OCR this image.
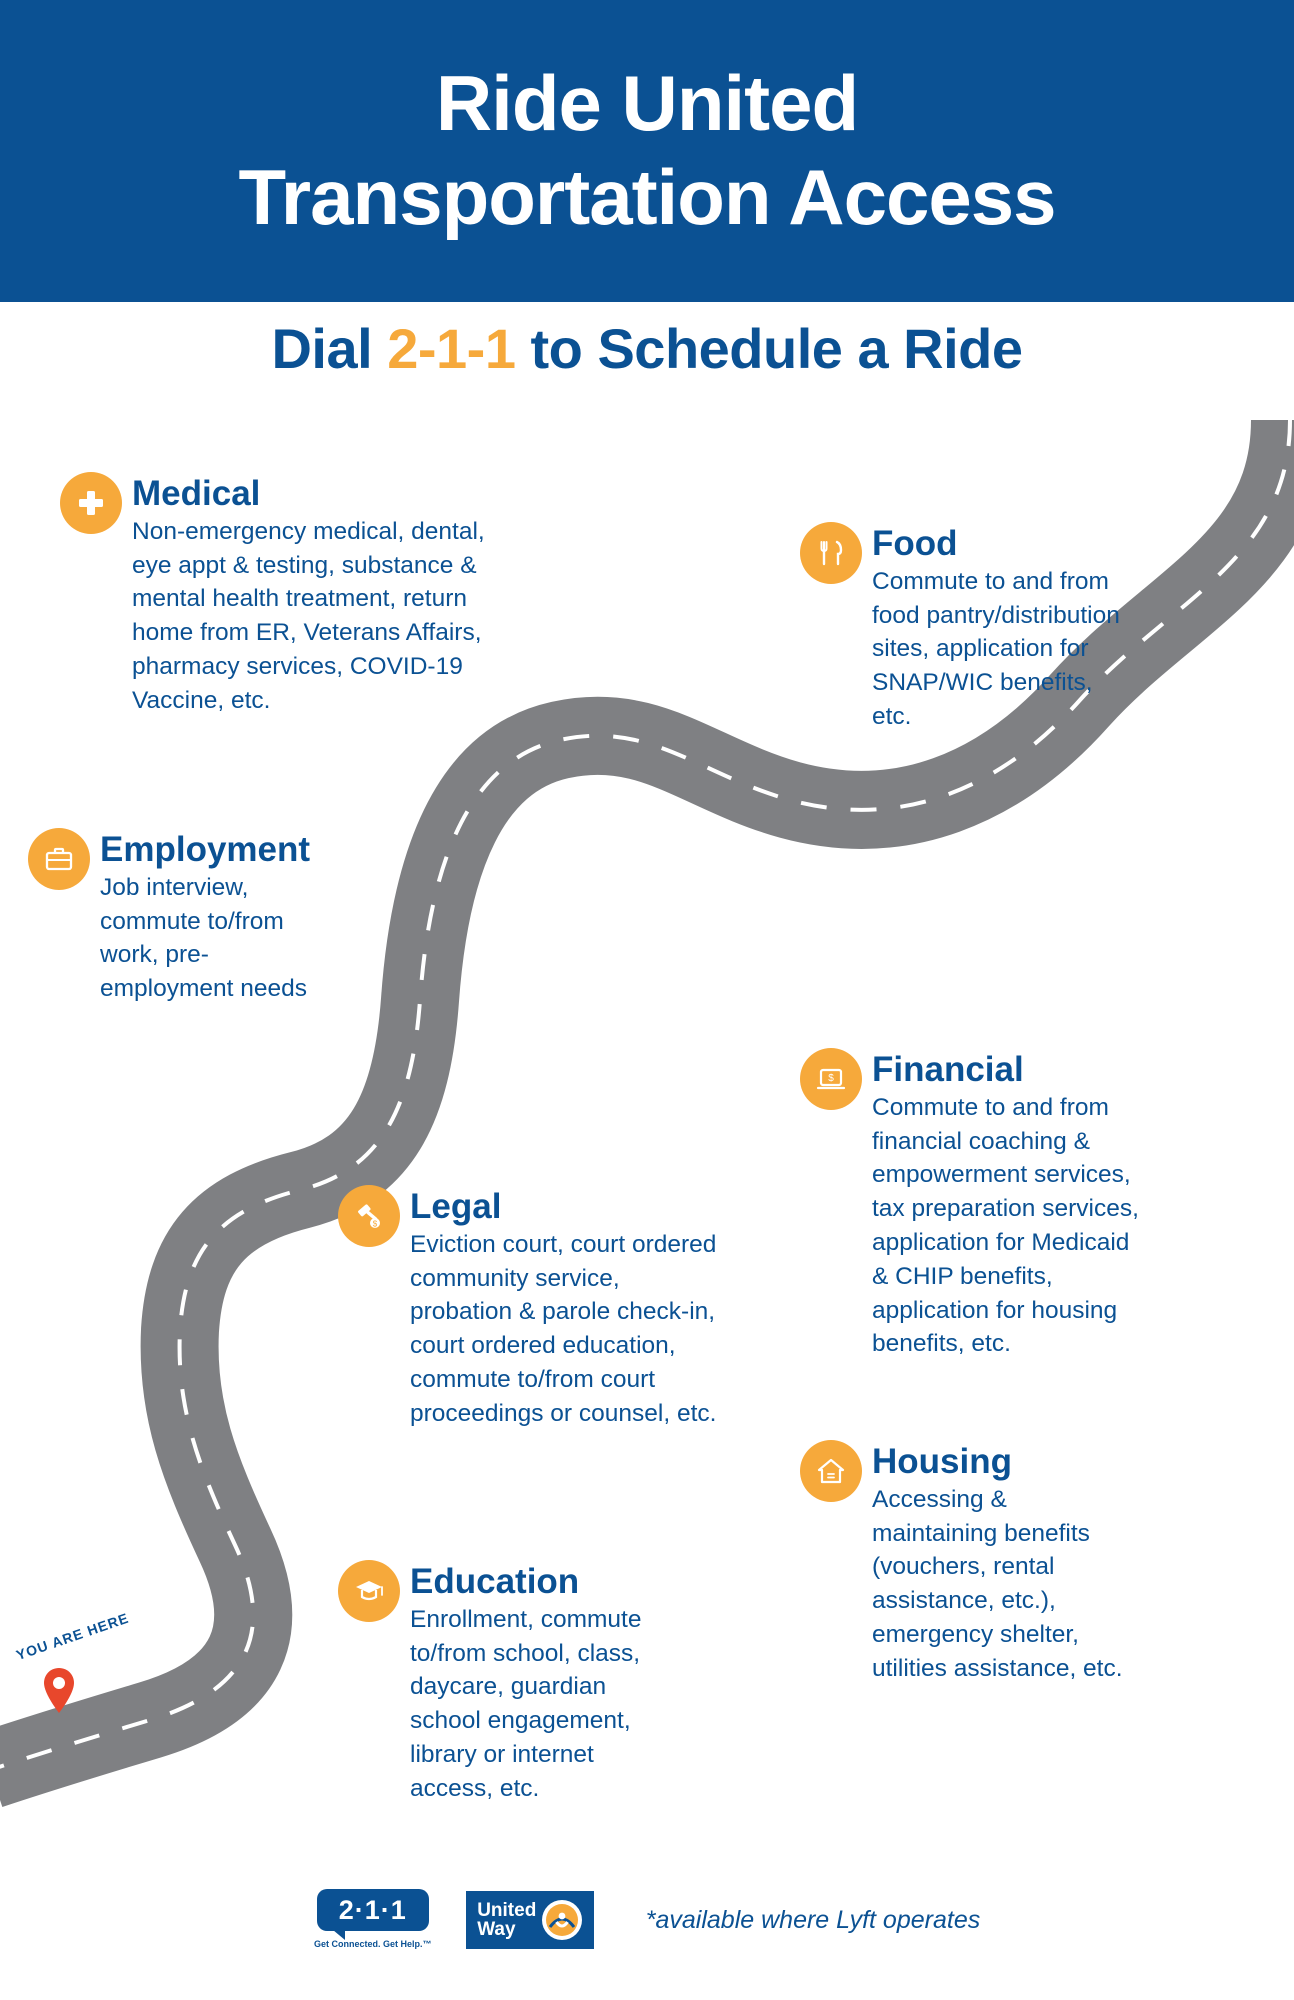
Ride United
Transportation Access
Dial 2-1-1 to Schedule a Ride
Medical
Non-emergency medical, dental, eye appt & testing, substance & mental health treatment, return home from ER, Veterans Affairs, pharmacy services, COVID-19 Vaccine, etc.
Food
Commute to and from food pantry/distribution sites, application for SNAP/WIC benefits, etc.
Employment
Job interview, commute to/from work, pre-employment needs
$ Financial
Commute to and from financial coaching & empowerment services, tax preparation services, application for Medicaid & CHIP benefits, application for housing benefits, etc.
$ Legal
Eviction court, court ordered community service, probation & parole check-in, court ordered education, commute to/from court proceedings or counsel, etc.
Housing
Accessing & maintaining benefits (vouchers, rental assistance, etc.), emergency shelter, utilities assistance, etc.
Education
Enrollment, commute to/from school, class, daycare, guardian school engagement, library or internet access, etc.
YOU ARE HERE
2·1·1
Get Connected. Get Help.™
United
Way	*available where Lyft operates
